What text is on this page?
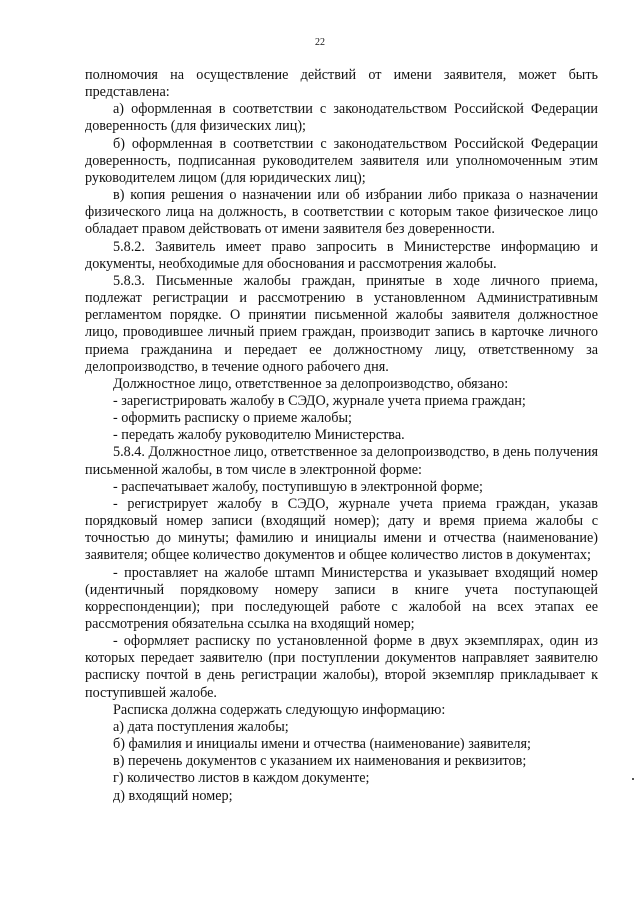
22

полномочия на осуществление действий от имени заявителя, может быть представлена:

а) оформленная в соответствии с законодательством Российской Федерации доверенность (для физических лиц);

б) оформленная в соответствии с законодательством Российской Федерации доверенность, подписанная руководителем заявителя или уполномоченным этим руководителем лицом (для юридических лиц);

в) копия решения о назначении или об избрании либо приказа о назначении физического лица на должность, в соответствии с которым такое физическое лицо обладает правом действовать от имени заявителя без доверенности.

5.8.2. Заявитель имеет право запросить в Министерстве информацию и документы, необходимые для обоснования и рассмотрения жалобы.

5.8.3. Письменные жалобы граждан, принятые в ходе личного приема, подлежат регистрации и рассмотрению в установленном Административным регламентом порядке. О принятии письменной жалобы заявителя должностное лицо, проводившее личный прием граждан, производит запись в карточке личного приема гражданина и передает ее должностному лицу, ответственному за делопроизводство, в течение одного рабочего дня.

Должностное лицо, ответственное за делопроизводство, обязано:

- зарегистрировать жалобу в СЭДО, журнале учета приема граждан;

- оформить расписку о приеме жалобы;

- передать жалобу руководителю Министерства.

5.8.4. Должностное лицо, ответственное за делопроизводство, в день получения письменной жалобы, в том числе в электронной форме:

- распечатывает жалобу, поступившую в электронной форме;

- регистрирует жалобу в СЭДО, журнале учета приема граждан, указав порядковый номер записи (входящий номер); дату и время приема жалобы с точностью до минуты; фамилию и инициалы имени и отчества (наименование) заявителя; общее количество документов и общее количество листов в документах;

- проставляет на жалобе штамп Министерства и указывает входящий номер (идентичный порядковому номеру записи в книге учета поступающей корреспонденции); при последующей работе с жалобой на всех этапах ее рассмотрения обязательна ссылка на входящий номер;

- оформляет расписку по установленной форме в двух экземплярах, один из которых передает заявителю (при поступлении документов направляет заявителю расписку почтой в день регистрации жалобы), второй экземпляр прикладывает к поступившей жалобе.

Расписка должна содержать следующую информацию:

а) дата поступления жалобы;

б) фамилия и инициалы имени и отчества (наименование) заявителя;

в) перечень документов с указанием их наименования и реквизитов;

г) количество листов в каждом документе;

д) входящий номер;
